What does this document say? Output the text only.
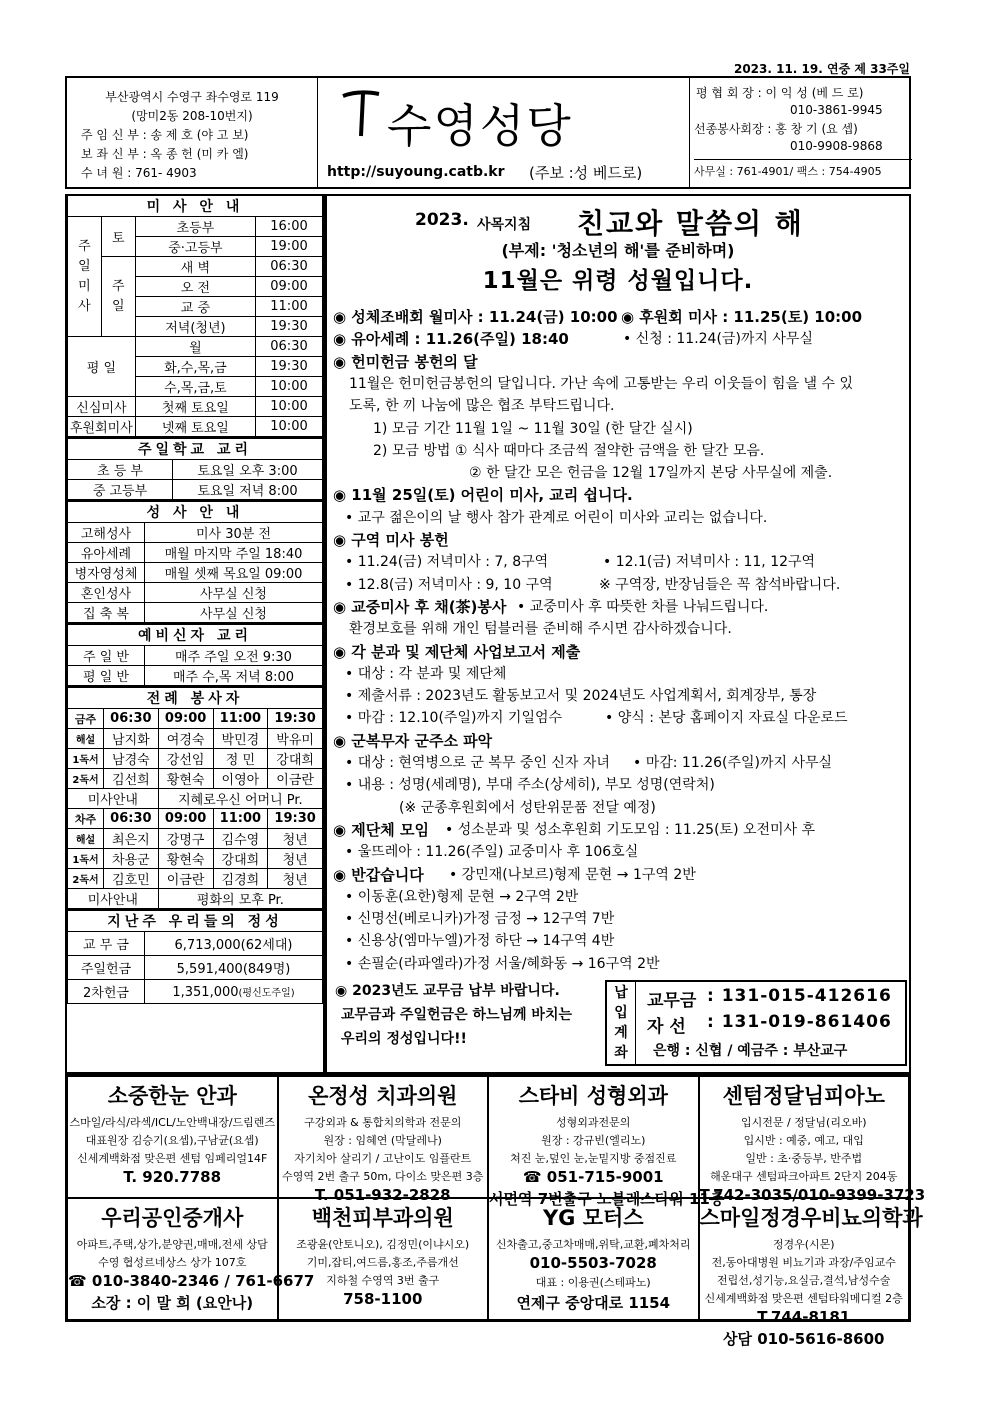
2023. 11. 19. 연중 제 33주일
부산광역시 수영구 좌수영로 119
(망미2동 208-10번지)
주 임 신 부 : 송 제 호 (야 고 보)
보 좌 신 부 : 옥 종 헌 (미 카 엘)
수 녀 원 : 761- 4903
수영성당
http://suyoung.catb.kr (주보 :성 베드로)
평 협 회 장 : 이 익 성 (베 드 로)
010-3861-9945
선종봉사회장 : 홍 창 기 (요 셉)
010-9908-9868
사무실 : 761-4901/ 팩스 : 754-4905
미 사 안 내			
주
일
미
사	토	초등부	16:00
		중·고등부	19:00
	주
일	새 벽	06:30
		오 전	09:00
		교 중	11:00
		저녁(청년)	19:30
평 일		월	06:30
		화,수,목,금	19:30
		수,목,금,토	10:00
신심미사		첫째 토요일	10:00
후원회미사		넷째 토요일	10:00
주일학교 교리	
초 등 부	토요일 오후 3:00
중 고등부	토요일 저녁 8:00
성 사 안 내	
고해성사	미사 30분 전
유아세례	매월 마지막 주일 18:40
병자영성체	매월 셋째 목요일 09:00
혼인성사	사무실 신청
집 축 복	사무실 신청
예비신자 교리	
주 일 반	매주 주일 오전 9:30
평 일 반	매주 수,목 저녁 8:00
전례 봉사자				
금주	06:30	09:00	11:00	19:30
해설	남지화	여경숙	박민경	박유미
1독서	남경숙	강선임	정 민	강대희
2독서	김선희	황현숙	이영아	이금란
미사안내		지혜로우신 어머니 Pr.		
차주	06:30	09:00	11:00	19:30
해설	최은지	강명구	김수영	청년
1독서	차용군	황현숙	강대희	청년
2독서	김호민	이금란	김경희	청년
미사안내		평화의 모후 Pr.		
지난주 우리들의 정성	
교 무 금	6,713,000(62세대)
주일헌금	5,591,400(849명)
2차헌금	1,351,000(평신도주일)
2023. 사목지침 친교와 말씀의 해
(부제: '청소년의 해'를 준비하며)
11월은 위령 성월입니다.
◉ 성체조배회 월미사 : 11.24(금) 10:00 ◉ 후원회 미사 : 11.25(토) 10:00
◉ 유아세례 : 11.26(주일) 18:40	• 신청 : 11.24(금)까지 사무실
◉ 헌미헌금 봉헌의 달
11월은 헌미헌금봉헌의 달입니다. 가난 속에 고통받는 우리 이웃들이 힘을 낼 수 있
도록, 한 끼 나눔에 많은 협조 부탁드립니다.
1) 모금 기간 11월 1일 ~ 11월 30일 (한 달간 실시)
2) 모금 방법 ① 식사 때마다 조금씩 절약한 금액을 한 달간 모음.
② 한 달간 모은 헌금을 12월 17일까지 본당 사무실에 제출.
◉ 11월 25일(토) 어린이 미사, 교리 쉽니다.
• 교구 젊은이의 날 행사 참가 관계로 어린이 미사와 교리는 없습니다.
◉ 구역 미사 봉헌
• 11.24(금) 저녁미사 : 7, 8구역	• 12.1(금) 저녁미사 : 11, 12구역
• 12.8(금) 저녁미사 : 9, 10 구역	※ 구역장, 반장님들은 꼭 참석바랍니다.
◉ 교중미사 후 채(茶)봉사 • 교중미사 후 따뜻한 차를 나눠드립니다.
환경보호를 위해 개인 텀블러를 준비해 주시면 감사하겠습니다.
◉ 각 분과 및 제단체 사업보고서 제출
• 대상 : 각 분과 및 제단체
• 제출서류 : 2023년도 활동보고서 및 2024년도 사업계획서, 회계장부, 통장
• 마감 : 12.10(주일)까지 기일엄수	• 양식 : 본당 홈페이지 자료실 다운로드
◉ 군복무자 군주소 파악
• 대상 : 현역병으로 군 복무 중인 신자 자녀 • 마감: 11.26(주일)까지 사무실
• 내용 : 성명(세례명), 부대 주소(상세히), 부모 성명(연락처)
(※ 군종후원회에서 성탄위문품 전달 예정)
◉ 제단체 모임 • 성소분과 및 성소후원회 기도모임 : 11.25(토) 오전미사 후
• 울뜨레아 : 11.26(주일) 교중미사 후 106호실
◉ 반갑습니다 • 강민재(나보르)형제 문현 → 1구역 2반
• 이동훈(요한)형제 문현 → 2구역 2반
• 신명선(베로니카)가정 금정 → 12구역 7반
• 신용상(엠마누엘)가정 하단 → 14구역 4반
• 손필순(라파엘라)가정 서울/혜화동 → 16구역 2반
◉ 2023년도 교무금 납부 바랍니다.
교무금과 주일헌금은 하느님께 바치는
우리의 정성입니다!!
납입계좌
교무금 : 131-015-412616
자 선 : 131-019-861406
은행 : 신협 / 예금주 : 부산교구
소중한눈 안과
스마일/라식/라섹/ICL/노안백내장/드림렌즈
대표원장 김승기(요셉),구남균(요셉)
신세계백화점 맞은편 센텀 임페리얼14F
T. 920.7788
온정성 치과의원
구강외과 & 통합치의학과 전문의
원장 : 임혜연 (막달레나)
자기치아 살리기 / 고난이도 임플란트
수영역 2번 출구 50m, 다이소 맞은편 3층
T. 051-932-2828
스타비 성형외과
성형외과전문의
원장 : 강규빈(엘리노)
쳐진 눈,덮인 눈,눈밑지방 중점진료
☎ 051-715-9001
서면역 7번출구 노블레스타워 11층
센텀정달님피아노
입시전문 / 정달님(리오바)
입시반 : 예중, 예고, 대입
일반 : 초·중등부, 반주법
해운대구 센텀파크아파트 2단지 204동
T.742-3035/010-9399-3723
우리공인중개사
아파트,주택,상가,분양권,매매,전세 상담
수영 협성르네상스 상가 107호
☎ 010-3840-2346 / 761-6677
소장 : 이 말 희 (요안나)
백천피부과의원
조광윤(안토니오), 김정민(이냐시오)
기미,잡티,여드름,홍조,주름개선
지하철 수영역 3번 출구
758-1100
YG 모터스
신차출고,중고차매매,위탁,교환,폐차처리
010-5503-7028
대표 : 이용권(스테파노)
연제구 중앙대로 1154
스마일정경우비뇨의학과
정경우(시몬)
전,동아대병원 비뇨기과 과장/주임교수
전립선,성기능,요실금,결석,남성수술
신세계백화점 맞은편 센텀타워메디컬 2층
T.744-8181
상담 010-5616-8600
